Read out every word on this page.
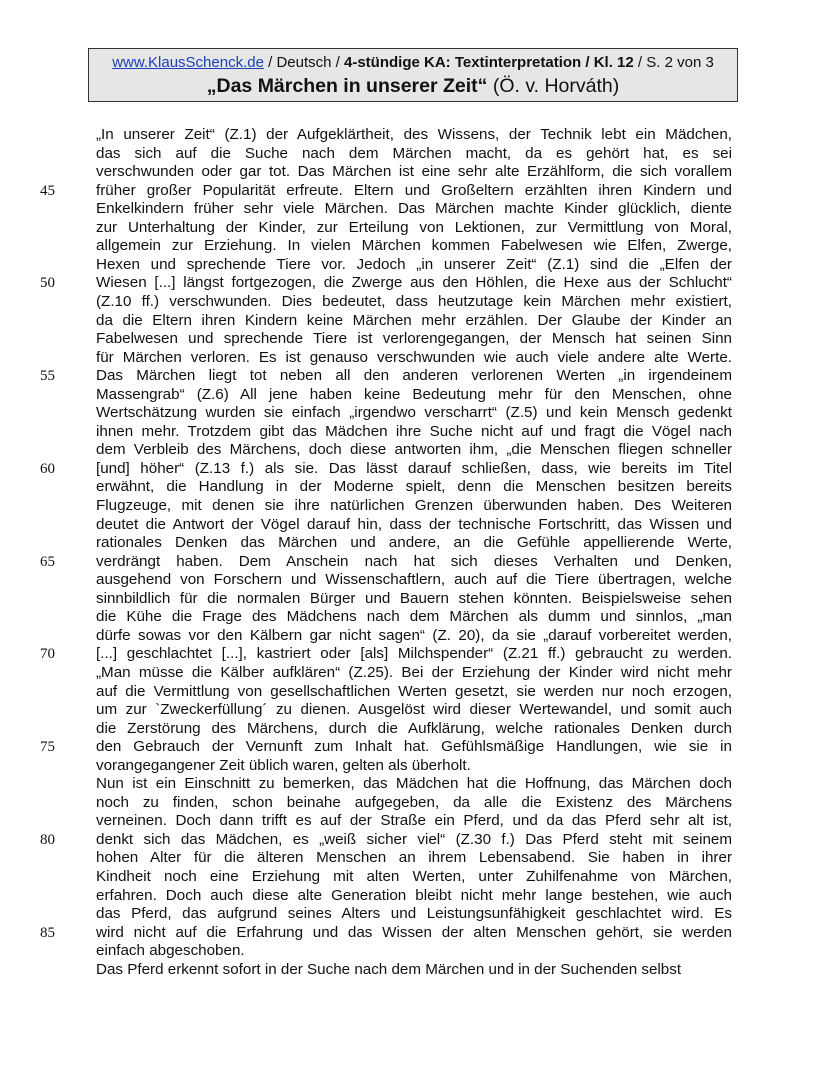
www.KlausSchenck.de / Deutsch / 4-stündige KA: Textinterpretation / Kl. 12 / S. 2 von 3
„Das Märchen in unserer Zeit“ (Ö. v. Horváth)
„In unserer Zeit“ (Z.1) der Aufgeklärtheit, des Wissens, der Technik lebt ein Mädchen,
das sich auf die Suche nach dem Märchen macht, da es gehört hat, es sei
verschwunden oder gar tot. Das Märchen ist eine sehr alte Erzählform, die sich vorallem
früher großer Popularität erfreute. Eltern und Großeltern erzählten ihren Kindern und
Enkelkindern früher sehr viele Märchen. Das Märchen machte Kinder glücklich, diente
zur Unterhaltung der Kinder, zur Erteilung von Lektionen, zur Vermittlung von Moral,
allgemein zur Erziehung. In vielen Märchen kommen Fabelwesen wie Elfen, Zwerge,
Hexen und sprechende Tiere vor. Jedoch „in unserer Zeit“ (Z.1) sind die „Elfen der
Wiesen [...] längst fortgezogen, die Zwerge aus den Höhlen, die Hexe aus der Schlucht“
(Z.10 ff.) verschwunden. Dies bedeutet, dass heutzutage kein Märchen mehr existiert,
da die Eltern ihren Kindern keine Märchen mehr erzählen. Der Glaube der Kinder an
Fabelwesen und sprechende Tiere ist verlorengegangen, der Mensch hat seinen Sinn
für Märchen verloren. Es ist genauso verschwunden wie auch viele andere alte Werte.
Das Märchen liegt tot neben all den anderen verlorenen Werten „in irgendeinem
Massengrab“ (Z.6) All jene haben keine Bedeutung mehr für den Menschen, ohne
Wertschätzung wurden sie einfach „irgendwo verscharrt“ (Z.5) und kein Mensch gedenkt
ihnen mehr. Trotzdem gibt das Mädchen ihre Suche nicht auf und fragt die Vögel nach
dem Verbleib des Märchens, doch diese antworten ihm, „die Menschen fliegen schneller
[und] höher“ (Z.13 f.) als sie. Das lässt darauf schließen, dass, wie bereits im Titel
erwähnt, die Handlung in der Moderne spielt, denn die Menschen besitzen bereits
Flugzeuge, mit denen sie ihre natürlichen Grenzen überwunden haben. Des Weiteren
deutet die Antwort der Vögel darauf hin, dass der technische Fortschritt, das Wissen und
rationales Denken das Märchen und andere, an die Gefühle appellierende Werte,
verdrängt haben. Dem Anschein nach hat sich dieses Verhalten und Denken,
ausgehend von Forschern und Wissenschaftlern, auch auf die Tiere übertragen, welche
sinnbildlich für die normalen Bürger und Bauern stehen könnten. Beispielsweise sehen
die Kühe die Frage des Mädchens nach dem Märchen als dumm und sinnlos, „man
dürfe sowas vor den Kälbern gar nicht sagen“ (Z. 20), da sie „darauf vorbereitet werden,
[...] geschlachtet [...], kastriert oder [als] Milchspender“ (Z.21 ff.) gebraucht zu werden.
„Man müsse die Kälber aufklären“ (Z.25). Bei der Erziehung der Kinder wird nicht mehr
auf die Vermittlung von gesellschaftlichen Werten gesetzt, sie werden nur noch erzogen,
um zur `Zweckerfüllung´ zu dienen. Ausgelöst wird dieser Wertewandel, und somit auch
die Zerstörung des Märchens, durch die Aufklärung, welche rationales Denken durch
den Gebrauch der Vernunft zum Inhalt hat. Gefühlsmäßige Handlungen, wie sie in
vorangegangener Zeit üblich waren, gelten als überholt.
Nun ist ein Einschnitt zu bemerken, das Mädchen hat die Hoffnung, das Märchen doch
noch zu finden, schon beinahe aufgegeben, da alle die Existenz des Märchens
verneinen. Doch dann trifft es auf der Straße ein Pferd, und da das Pferd sehr alt ist,
denkt sich das Mädchen, es „weiß sicher viel“ (Z.30 f.) Das Pferd steht mit seinem
hohen Alter für die älteren Menschen an ihrem Lebensabend. Sie haben in ihrer
Kindheit noch eine Erziehung mit alten Werten, unter Zuhilfenahme von Märchen,
erfahren. Doch auch diese alte Generation bleibt nicht mehr lange bestehen, wie auch
das Pferd, das aufgrund seines Alters und Leistungsunfähigkeit geschlachtet wird. Es
wird nicht auf die Erfahrung und das Wissen der alten Menschen gehört, sie werden
einfach abgeschoben.
Das Pferd erkennt sofort in der Suche nach dem Märchen und in der Suchenden selbst
45
50
55
60
65
70
75
80
85
